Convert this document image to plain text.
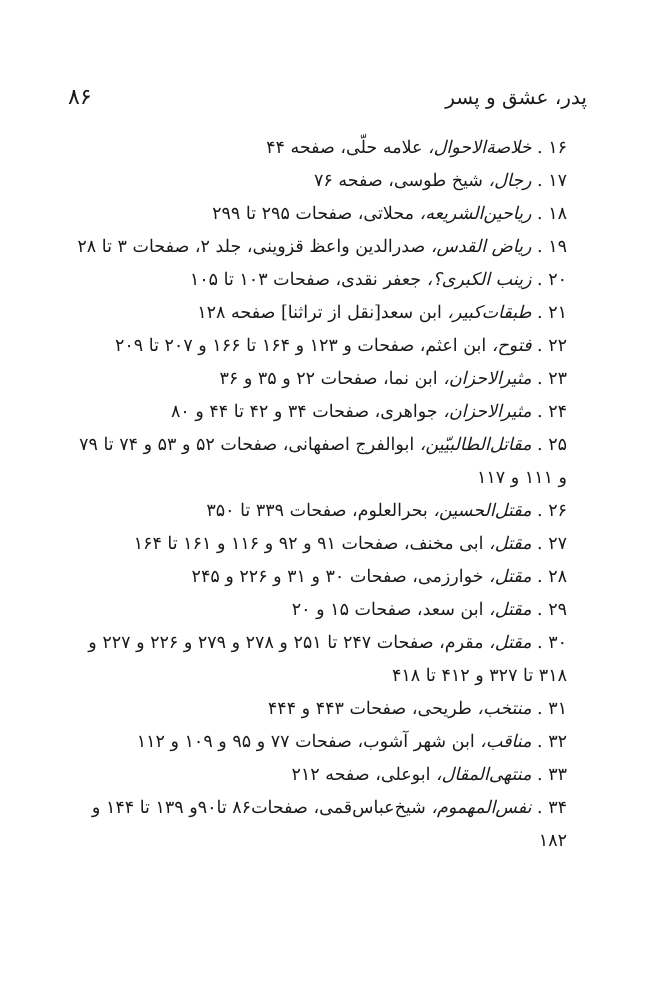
پدر، عشق و پسر
۸۶
۱۶ . خلاصة‌الاحوال، علامه حلّی، صفحه ۴۴
۱۷ . رجال، شیخ طوسی، صفحه ۷۶
۱۸ . ریاحین‌الشریعه، محلاتی، صفحات ۲۹۵ تا ۲۹۹
۱۹ . ریاض القدس، صدرالدین واعظ قزوینی، جلد ۲، صفحات ۳ تا ۲۸
۲۰ . زینب الکبری؟، جعفر نقدی، صفحات ۱۰۳ تا ۱۰۵
۲۱ . طبقات‌کبیر، ابن سعد[نقل از تراثنا] صفحه ۱۲۸
۲۲ . فتوح، ابن اعثم، صفحات و ۱۲۳ و ۱۶۴ تا ۱۶۶ و ۲۰۷ تا ۲۰۹
۲۳ . مثیرالاحزان، ابن نما، صفحات ۲۲ و ۳۵ و ۳۶
۲۴ . مثیرالاحزان، جواهری، صفحات ۳۴ و ۴۲ تا ۴۴ و ۸۰
۲۵ . مقاتل‌الطالبیّین، ابوالفرج اصفهانی، صفحات ۵۲ و ۵۳ و ۷۴ تا ۷۹
و ۱۱۱ و ۱۱۷
۲۶ . مقتل‌الحسین، بحرالعلوم، صفحات ۳۳۹ تا ۳۵۰
۲۷ . مقتل، ابی مخنف، صفحات ۹۱ و ۹۲ و ۱۱۶ و ۱۶۱ تا ۱۶۴
۲۸ . مقتل، خوارزمی، صفحات ۳۰ و ۳۱ و ۲۲۶ و ۲۴۵
۲۹ . مقتل، ابن سعد، صفحات ۱۵ و ۲۰
۳۰ . مقتل، مقرم، صفحات ۲۴۷ تا ۲۵۱ و ۲۷۸ و ۲۷۹ و ۲۲۶ و ۲۲۷ و
۳۱۸ تا ۳۲۷ و ۴۱۲ تا ۴۱۸
۳۱ . منتخب، طریحی، صفحات ۴۴۳ و ۴۴۴
۳۲ . مناقب، ابن شهر آشوب، صفحات ۷۷ و ۹۵ و ۱۰۹ و ۱۱۲
۳۳ . منتهی‌المقال، ابوعلی، صفحه ۲۱۲
۳۴ . نفس‌المهموم، شیخ‌عباس‌قمی، صفحات۸۶ تا۹۰و ۱۳۹ تا ۱۴۴ و
۱۸۲
